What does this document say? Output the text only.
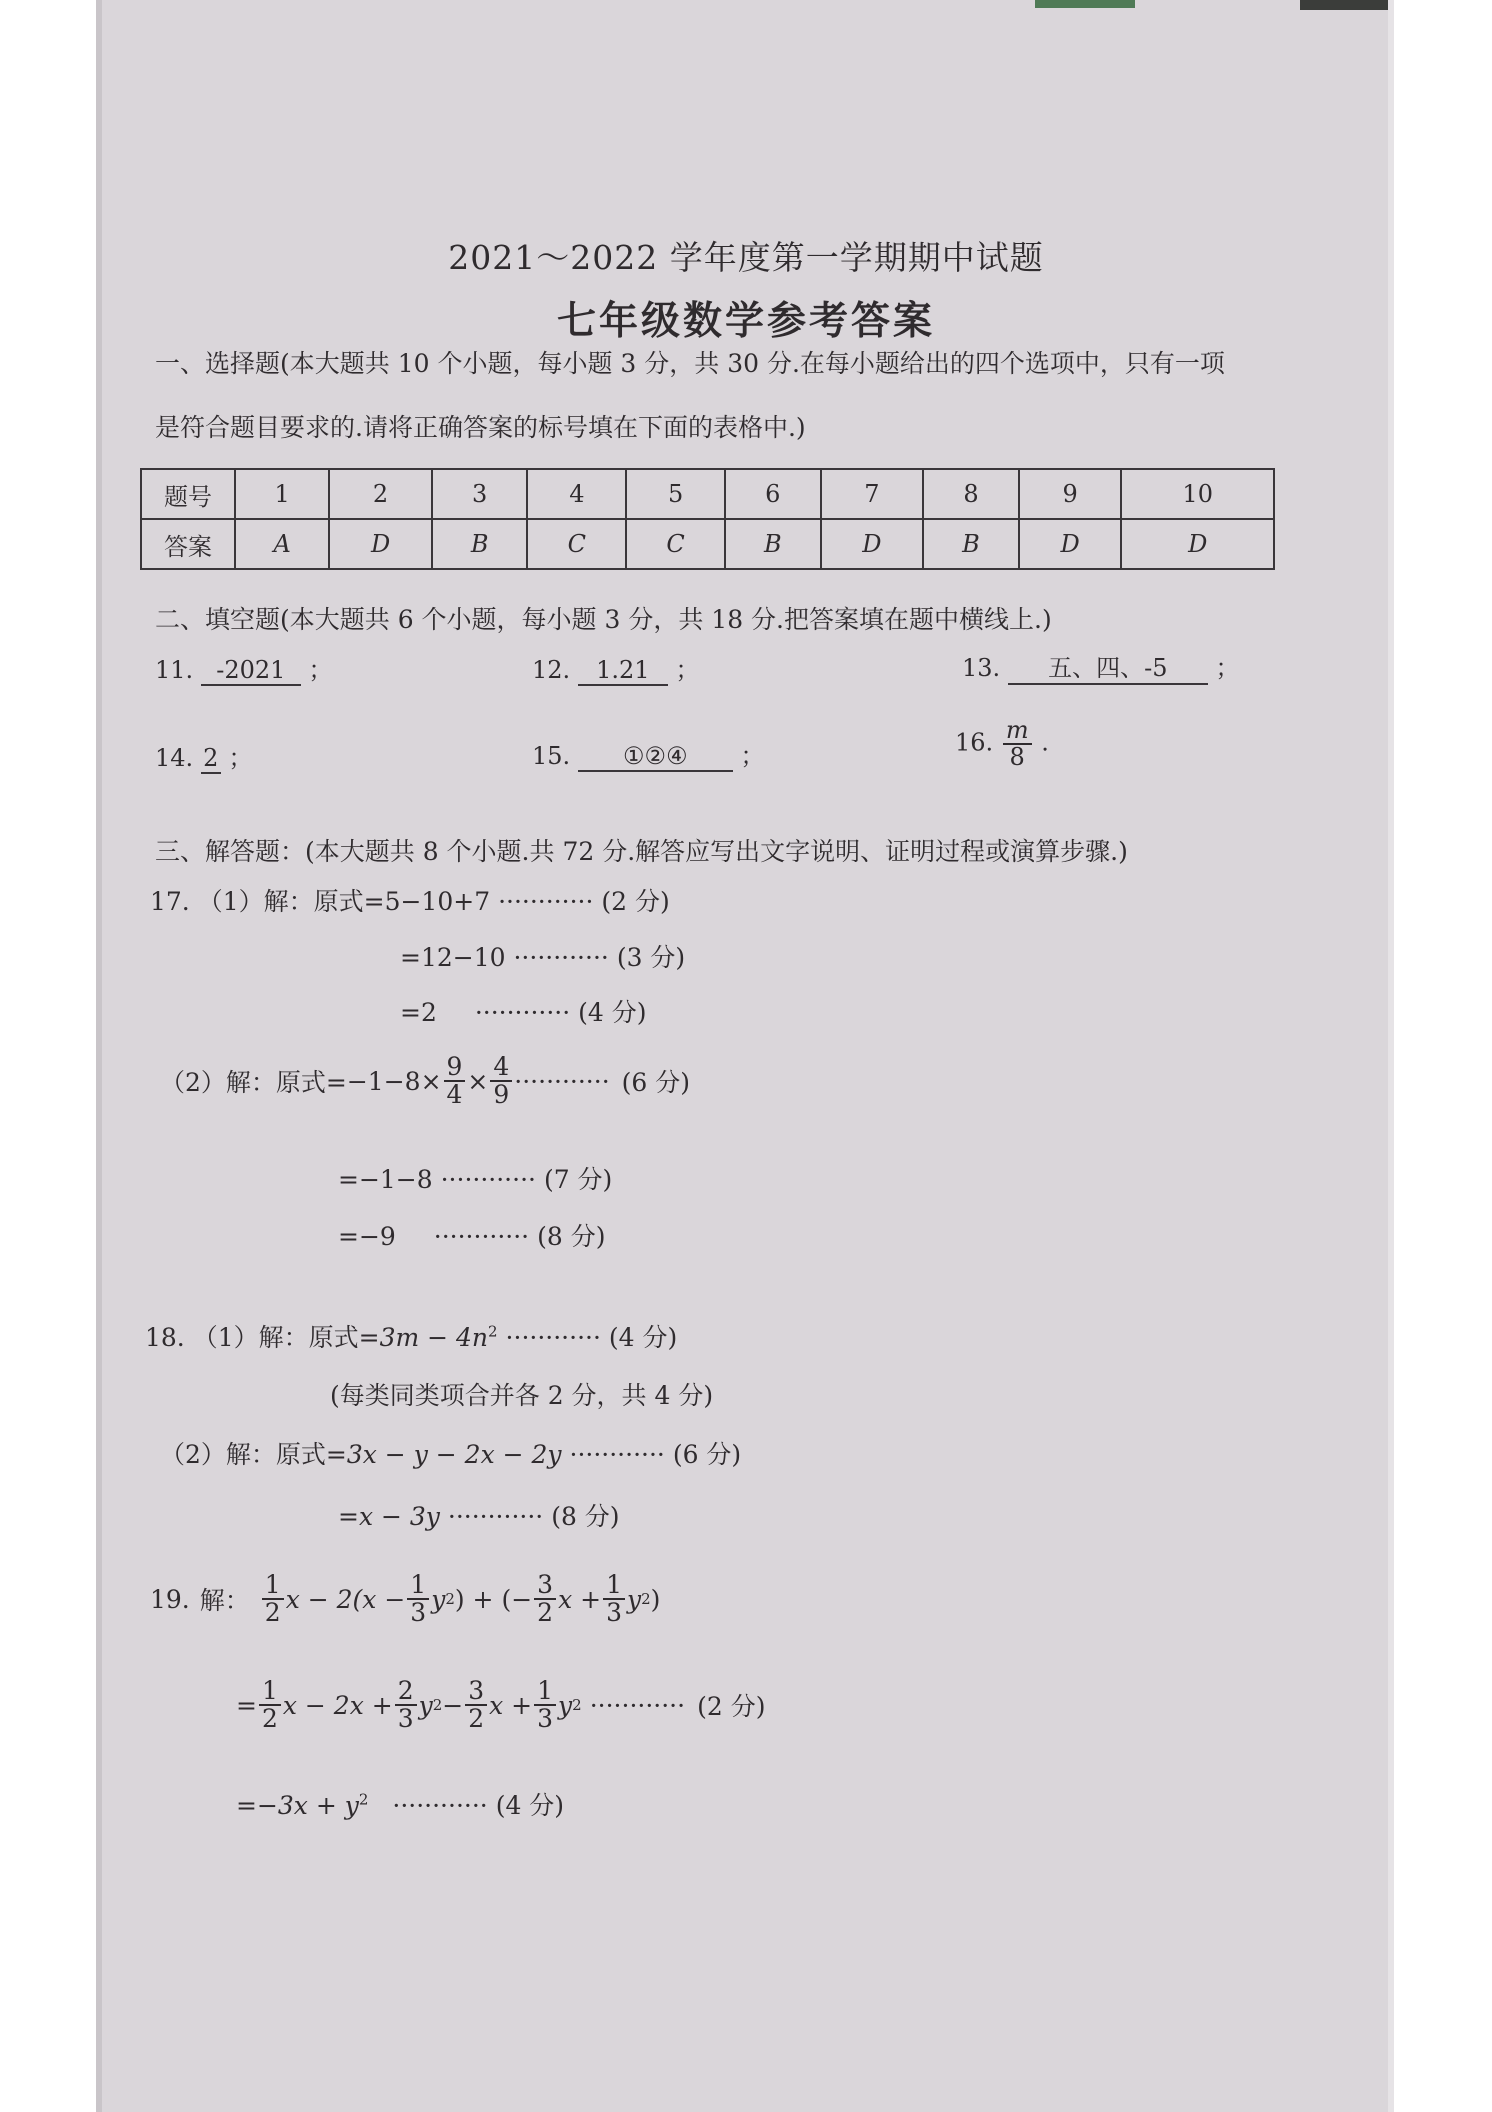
2021～2022 学年度第一学期期中试题
七年级数学参考答案
一、选择题(本大题共 10 个小题，每小题 3 分，共 30 分.在每小题给出的四个选项中，只有一项
是符合题目要求的.请将正确答案的标号填在下面的表格中.)
题号	1	2	3	4	5	6	7	8	9	10
答案	A	D	B	C	C	B	D	B	D	D
二、填空题(本大题共 6 个小题，每小题 3 分，共 18 分.把答案填在题中横线上.)
11. -2021 ；	12. 1.21 ；	13. 五、四、-5 ；
14. 2 ；	15. ①②④ ；	16. $\frac{m}{8}$ .
三、解答题：(本大题共 8 个小题.共 72 分.解答应写出文字说明、证明过程或演算步骤.)
17. （1）解：原式=5−10+7 ············ (2 分)
=12−10 ············ (3 分)
=2 ············ (4 分)
（2）解：原式= $-1-8\times \frac{9}{4} \times \frac{4}{9}$ ············ (6 分)
=−1−8 ············ (7 分)
=−9 ············ (8 分)
18. （1）解：原式$=3m - 4n^2$ ············ (4 分)
(每类同类项合并各 2 分，共 4 分)
（2）解：原式=3x − y − 2x − 2y ············ (6 分)
=x − 3y ············ (8 分)
19. 解： $\frac{1}{2}$ $x - 2(x - \frac{1}{3}$ y 2 ) + (− $\frac{3}{2}$ $x + \frac{1}{3}$ y 2 )
= $\frac{1}{2}$ $x - 2x + \frac{2}{3}$ y $2 - \frac{3}{2}$ $x + \frac{1}{3}$ y 2 ············ (2 分)
$=-3x + y^2$ ············ (4 分)
